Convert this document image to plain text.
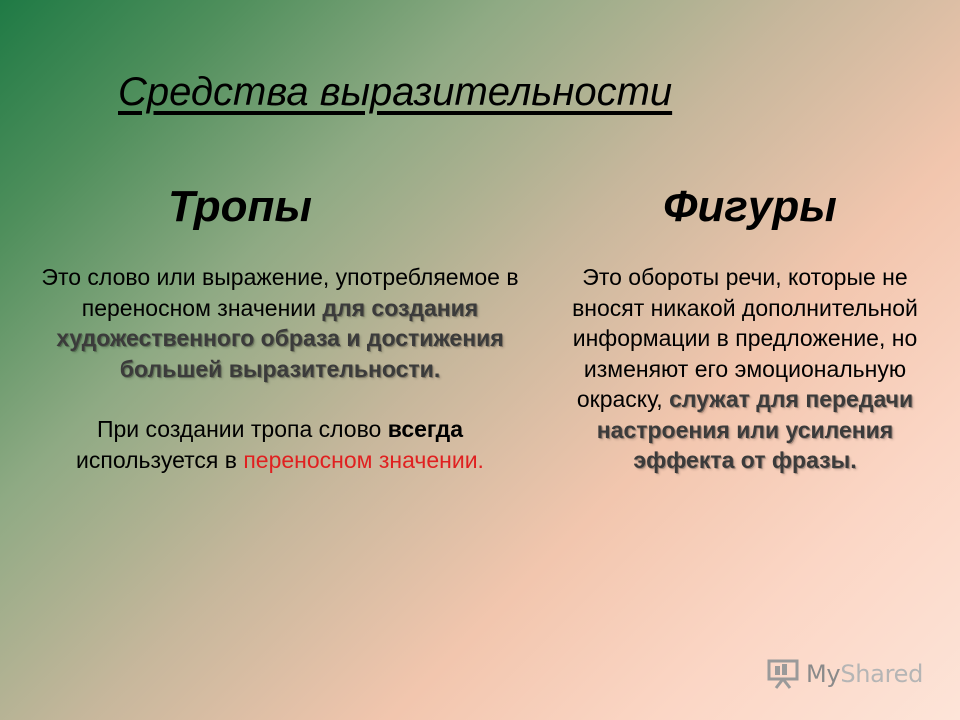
Средства выразительности
Тропы	Фигуры
Это слово или выражение, употребляемое в переносном значении для создания художественного образа и достижения большей выразительности.
При создании тропа слово всегда используется в переносном значении.
Это обороты речи, которые не вносят никакой дополнительной информации в предложение, но изменяют его эмоциональную окраску, служат для передачи настроения или усиления эффекта от фразы.
MyShared
